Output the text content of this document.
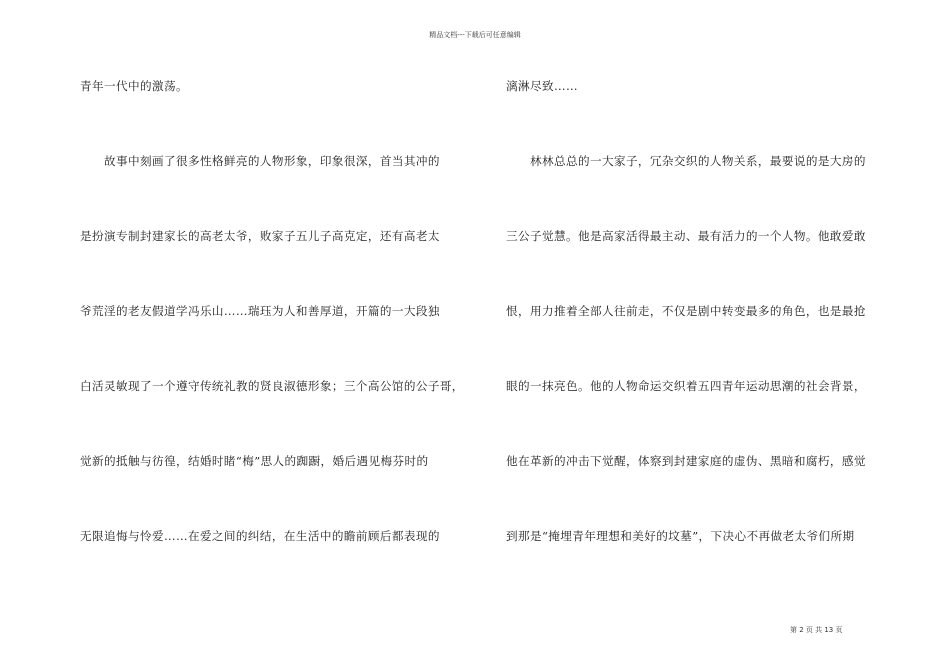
精品文档---下载后可任意编辑
青年一代中的激荡。
　　故事中刻画了很多性格鲜亮的人物形象，印象很深，首当其冲的
是扮演专制封建家长的高老太爷，败家子五儿子高克定，还有高老太
爷荒淫的老友假道学冯乐山……瑞珏为人和善厚道，开篇的一大段独
白活灵敏现了一个遵守传统礼教的贤良淑德形象；三个高公馆的公子哥，
觉新的抵触与彷徨，结婚时睹“梅”思人的踟蹰，婚后遇见梅芬时的
无限追悔与怜爱……在爱之间的纠结，在生活中的瞻前顾后都表现的
漓淋尽致……
　　林林总总的一大家子，冗杂交织的人物关系，最要说的是大房的
三公子觉慧。他是高家活得最主动、最有活力的一个人物。他敢爱敢
恨，用力推着全部人往前走，不仅是剧中转变最多的角色，也是最抢
眼的一抹亮色。他的人物命运交织着五四青年运动思潮的社会背景，
他在革新的冲击下觉醒，体察到封建家庭的虚伪、黑暗和腐朽，感觉
到那是“掩埋青年理想和美好的坟墓”，下决心不再做老太爷们所期
第 2 页 共 13 页
